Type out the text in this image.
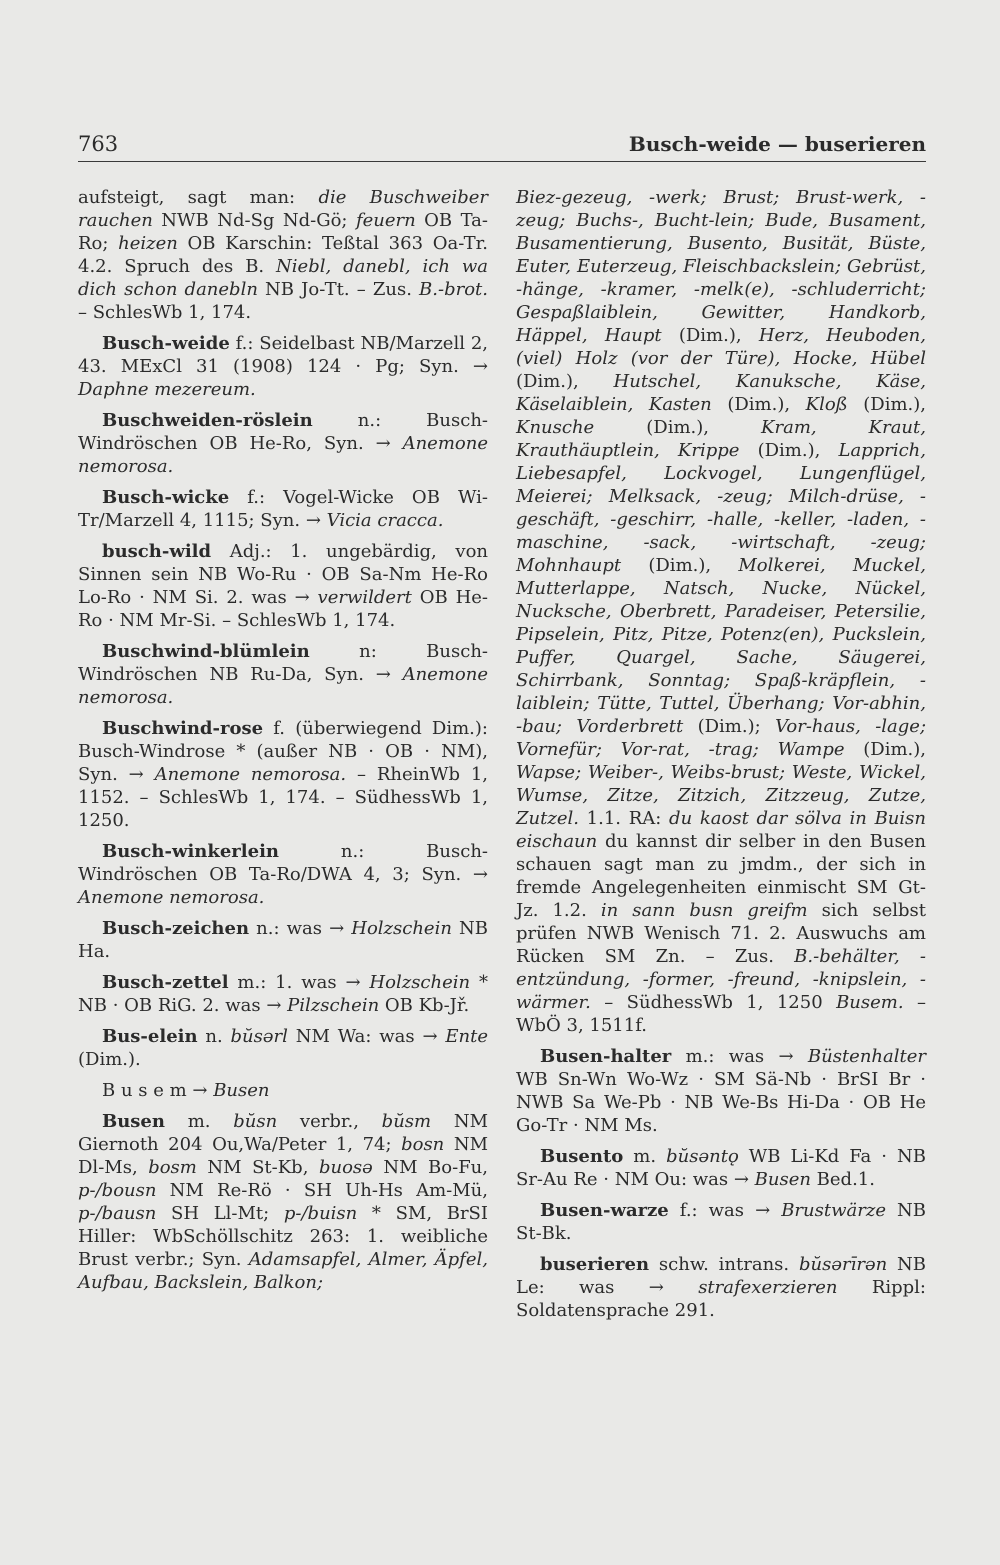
763	Busch-weide — buserieren

aufsteigt, sagt man: die Buschweiber rauchen NWB Nd-Sg Nd-Gö; feuern OB Ta-Ro; heizen OB Karschin: Teßtal 363 Oa-Tr. 4.2. Spruch des B. Niebl, danebl, ich wa dich schon danebln NB Jo-Tt. – Zus. B.-brot. – SchlesWb 1, 174.

Busch-weide f.: Seidelbast NB/Marzell 2, 43. MExCl 31 (1908) 124 · Pg; Syn. → Daphne mezereum.

Buschweiden-röslein n.: Busch-Windröschen OB He-Ro, Syn. → Anemone nemorosa.

Busch-wicke f.: Vogel-Wicke OB Wi-Tr/Marzell 4, 1115; Syn. → Vicia cracca.

busch-wild Adj.: 1. ungebärdig, von Sinnen sein NB Wo-Ru · OB Sa-Nm He-Ro Lo-Ro · NM Si. 2. was → verwildert OB He-Ro · NM Mr-Si. – SchlesWb 1, 174.

Buschwind-blümlein n: Busch-Windröschen NB Ru-Da, Syn. → Anemone nemorosa.

Buschwind-rose f. (überwiegend Dim.): Busch-Windrose * (außer NB · OB · NM), Syn. → Anemone nemorosa. – RheinWb 1, 1152. – SchlesWb 1, 174. – SüdhessWb 1, 1250.

Busch-winkerlein n.: Busch-Windröschen OB Ta-Ro/DWA 4, 3; Syn. → Anemone nemorosa.

Busch-zeichen n.: was → Holzschein NB Ha.

Busch-zettel m.: 1. was → Holzschein * NB · OB RiG. 2. was → Pilzschein OB Kb-Jř.

Bus-elein n. bŭsərl NM Wa: was → Ente (Dim.).

B u s e m → Busen

Busen m. bŭsn verbr., bŭsm NM Giernoth 204 Ou,Wa/Peter 1, 74; bosn NM Dl-Ms, bosm NM St-Kb, buosə NM Bo-Fu, p-/bousn NM Re-Rö · SH Uh-Hs Am-Mü, p-/bausn SH Ll-Mt; p-/buisn * SM, BrSI Hiller: WbSchöllschitz 263: 1. weibliche Brust verbr.; Syn. Adamsapfel, Almer, Äpfel, Aufbau, Backslein, Balkon;

Biez-gezeug, -werk; Brust; Brust-werk, -zeug; Buchs-, Bucht-lein; Bude, Busament, Busamentierung, Busento, Busität, Büste, Euter, Euterzeug, Fleischbackslein; Gebrüst, -hänge, -kramer, -melk(e), -schluderricht; Gespaßlaiblein, Gewitter, Handkorb, Häppel, Haupt (Dim.), Herz, Heuboden, (viel) Holz (vor der Türe), Hocke, Hübel (Dim.), Hutschel, Kanuksche, Käse, Käselaiblein, Kasten (Dim.), Kloß (Dim.), Knusche (Dim.), Kram, Kraut, Krauthäuptlein, Krippe (Dim.), Lapprich, Liebesapfel, Lockvogel, Lungenflügel, Meierei; Melksack, -zeug; Milch-drüse, -geschäft, -geschirr, -halle, -keller, -laden, -maschine, -sack, -wirtschaft, -zeug; Mohnhaupt (Dim.), Molkerei, Muckel, Mutterlappe, Natsch, Nucke, Nückel, Nucksche, Oberbrett, Paradeiser, Petersilie, Pipselein, Pitz, Pitze, Potenz(en), Puckslein, Puffer, Quargel, Sache, Säugerei, Schirrbank, Sonntag; Spaß-kräpflein, -laiblein; Tütte, Tuttel, Überhang; Vor-abhin, -bau; Vorderbrett (Dim.); Vor-haus, -lage; Vornefür; Vor-rat, -trag; Wampe (Dim.), Wapse; Weiber-, Weibs-brust; Weste, Wickel, Wumse, Zitze, Zitzich, Zitzzeug, Zutze, Zutzel. 1.1. RA: du kaost dar sölva in Buisn eischaun du kannst dir selber in den Busen schauen sagt man zu jmdm., der sich in fremde Angelegenheiten einmischt SM Gt-Jz. 1.2. in sann busn greifm sich selbst prüfen NWB Wenisch 71. 2. Auswuchs am Rücken SM Zn. – Zus. B.-behälter, -entzündung, -former, -freund, -knipslein, -wärmer. – SüdhessWb 1, 1250 Busem. – WbÖ 3, 1511f.

Busen-halter m.: was → Büstenhalter WB Sn-Wn Wo-Wz · SM Sä-Nb · BrSI Br · NWB Sa We-Pb · NB We-Bs Hi-Da · OB He Go-Tr · NM Ms.

Busento m. bŭsəntǫ WB Li-Kd Fa · NB Sr-Au Re · NM Ou: was → Busen Bed.1.

Busen-warze f.: was → Brustwärze NB St-Bk.

buserieren schw. intrans. bŭsərīrən NB Le: was → strafexerzieren Rippl: Soldatensprache 291.
